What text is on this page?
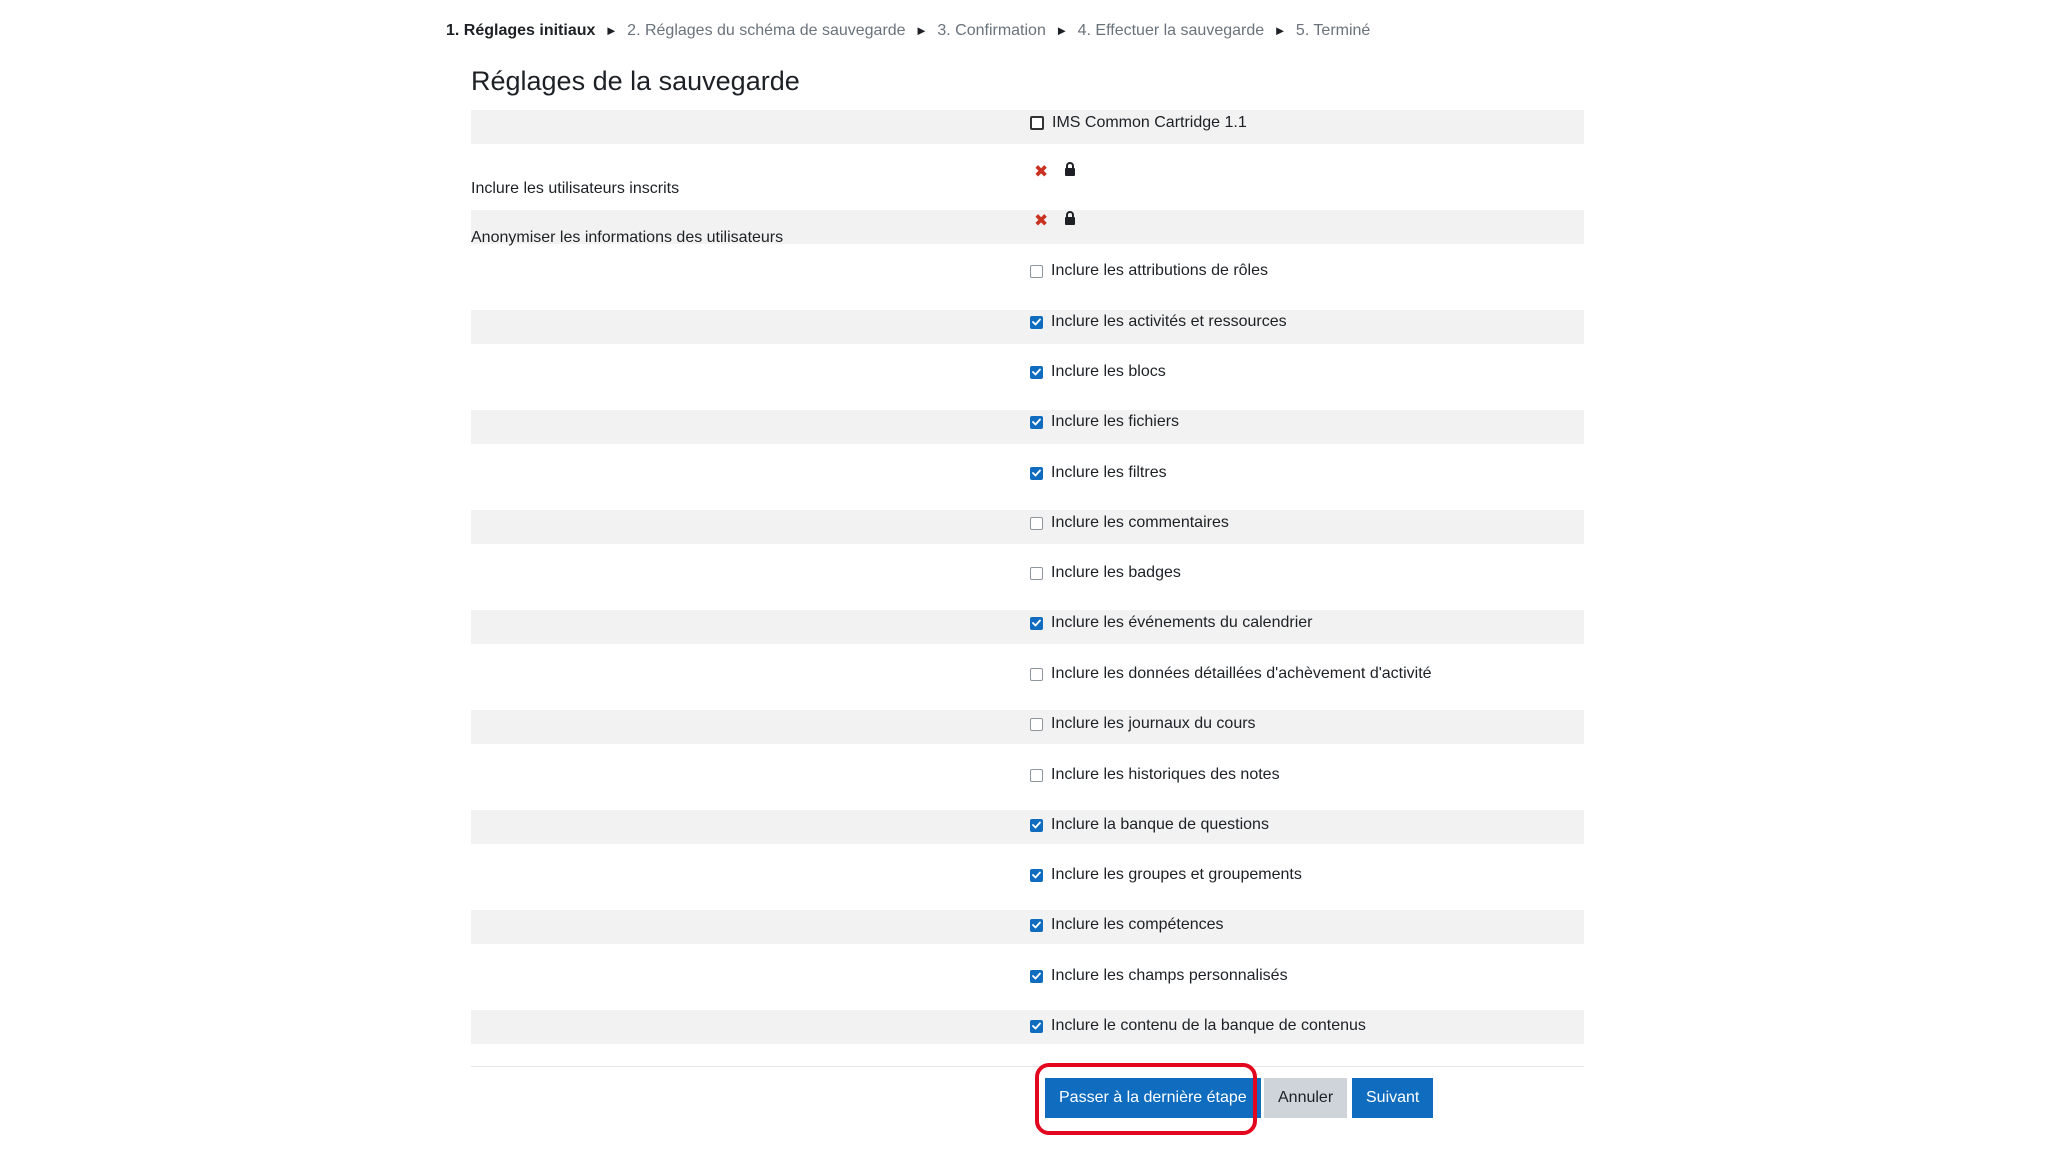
1. Réglages initiaux ► 2. Réglages du schéma de sauvegarde ► 3. Confirmation ► 4. Effectuer la sauvegarde ► 5. Terminé
Réglages de la sauvegarde
IMS Common Cartridge 1.1
Inclure les utilisateurs inscrits
✖
Anonymiser les informations des utilisateurs
✖
Inclure les attributions de rôles
Inclure les activités et ressources
Inclure les blocs
Inclure les fichiers
Inclure les filtres
Inclure les commentaires
Inclure les badges
Inclure les événements du calendrier
Inclure les données détaillées d'achèvement d'activité
Inclure les journaux du cours
Inclure les historiques des notes
Inclure la banque de questions
Inclure les groupes et groupements
Inclure les compétences
Inclure les champs personnalisés
Inclure le contenu de la banque de contenus
Passer à la dernière étape	Annuler	Suivant
